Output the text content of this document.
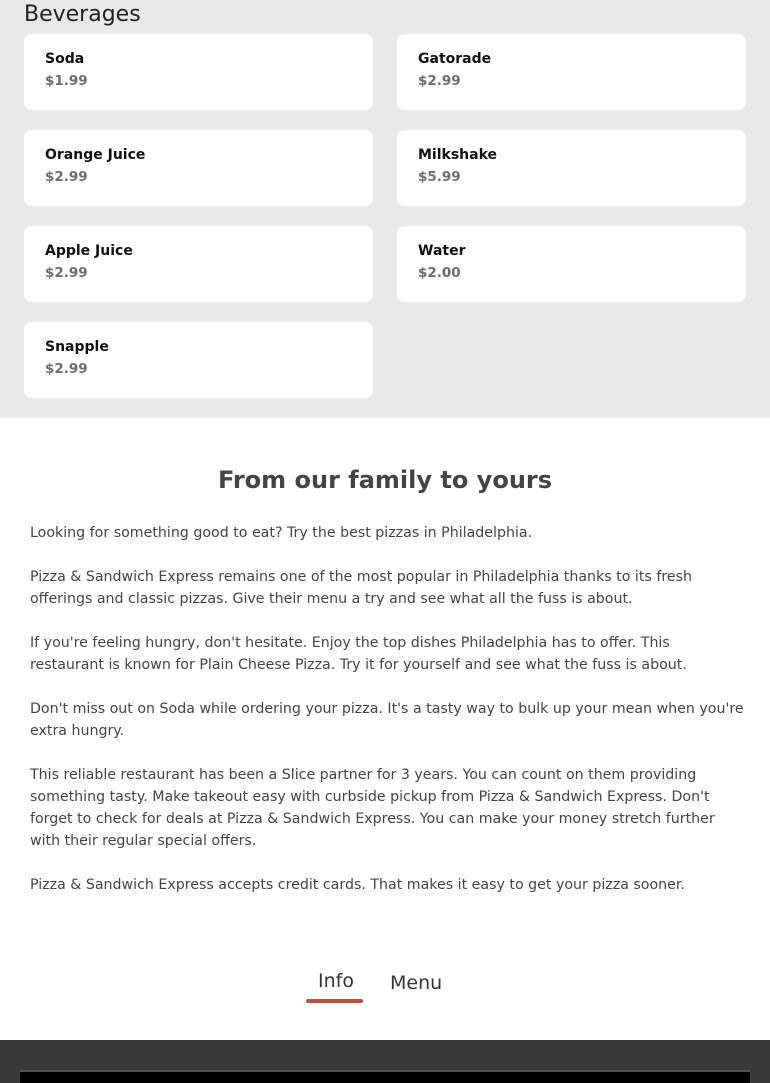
Beverages
Soda
$1.99
Gatorade
$2.99
Orange Juice
$2.99
Milkshake
$5.99
Apple Juice
$2.99
Water
$2.00
Snapple
$2.99
From our family to yours

Looking for something good to eat? Try the best pizzas in Philadelphia.

Pizza & Sandwich Express remains one of the most popular in Philadelphia thanks to its fresh offerings and classic pizzas. Give their menu a try and see what all the fuss is about.

If you're feeling hungry, don't hesitate. Enjoy the top dishes Philadelphia has to offer. This restaurant is known for Plain Cheese Pizza. Try it for yourself and see what the fuss is about.

Don't miss out on Soda while ordering your pizza. It's a tasty way to bulk up your mean when you're extra hungry.

This reliable restaurant has been a Slice partner for 3 years. You can count on them providing something tasty. Make takeout easy with curbside pickup from Pizza & Sandwich Express. Don't forget to check for deals at Pizza & Sandwich Express. You can make your money stretch further with their regular special offers.

Pizza & Sandwich Express accepts credit cards. That makes it easy to get your pizza sooner.

Info Menu
